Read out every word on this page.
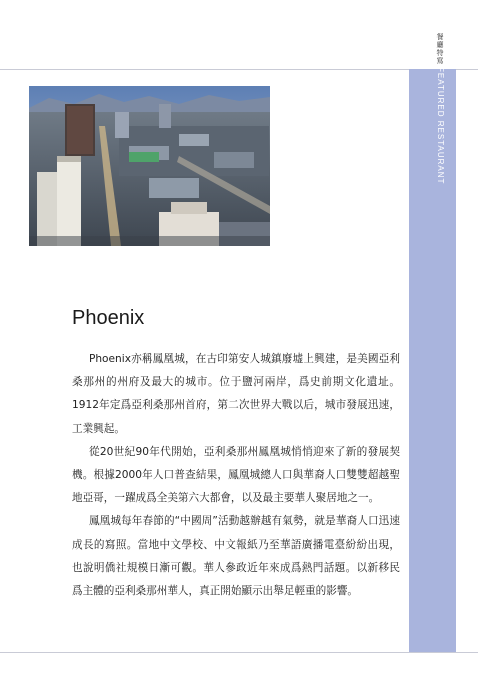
餐廳特寫
FEATURED RESTAURANT
Phoenix

Phoenix亦稱鳳凰城，在古印第安人城鎮廢墟上興建，是美國亞利桑那州的州府及最大的城市。位于鹽河兩岸，爲史前期文化遺址。1912年定爲亞利桑那州首府，第二次世界大戰以后，城市發展迅速，工業興起。

從20世紀90年代開始，亞利桑那州鳳凰城悄悄迎來了新的發展契機。根據2000年人口普查結果，鳳凰城總人口與華裔人口雙雙超越聖地亞哥，一躍成爲全美第六大都會，以及最主要華人聚居地之一。

鳳凰城每年春節的“中國周”活動越辦越有氣勢，就是華裔人口迅速成長的寫照。當地中文學校、中文報紙乃至華語廣播電臺紛紛出現，也說明僑社規模日漸可觀。華人參政近年來成爲熱門話題。以新移民爲主體的亞利桑那州華人，真正開始顯示出舉足輕重的影響。
